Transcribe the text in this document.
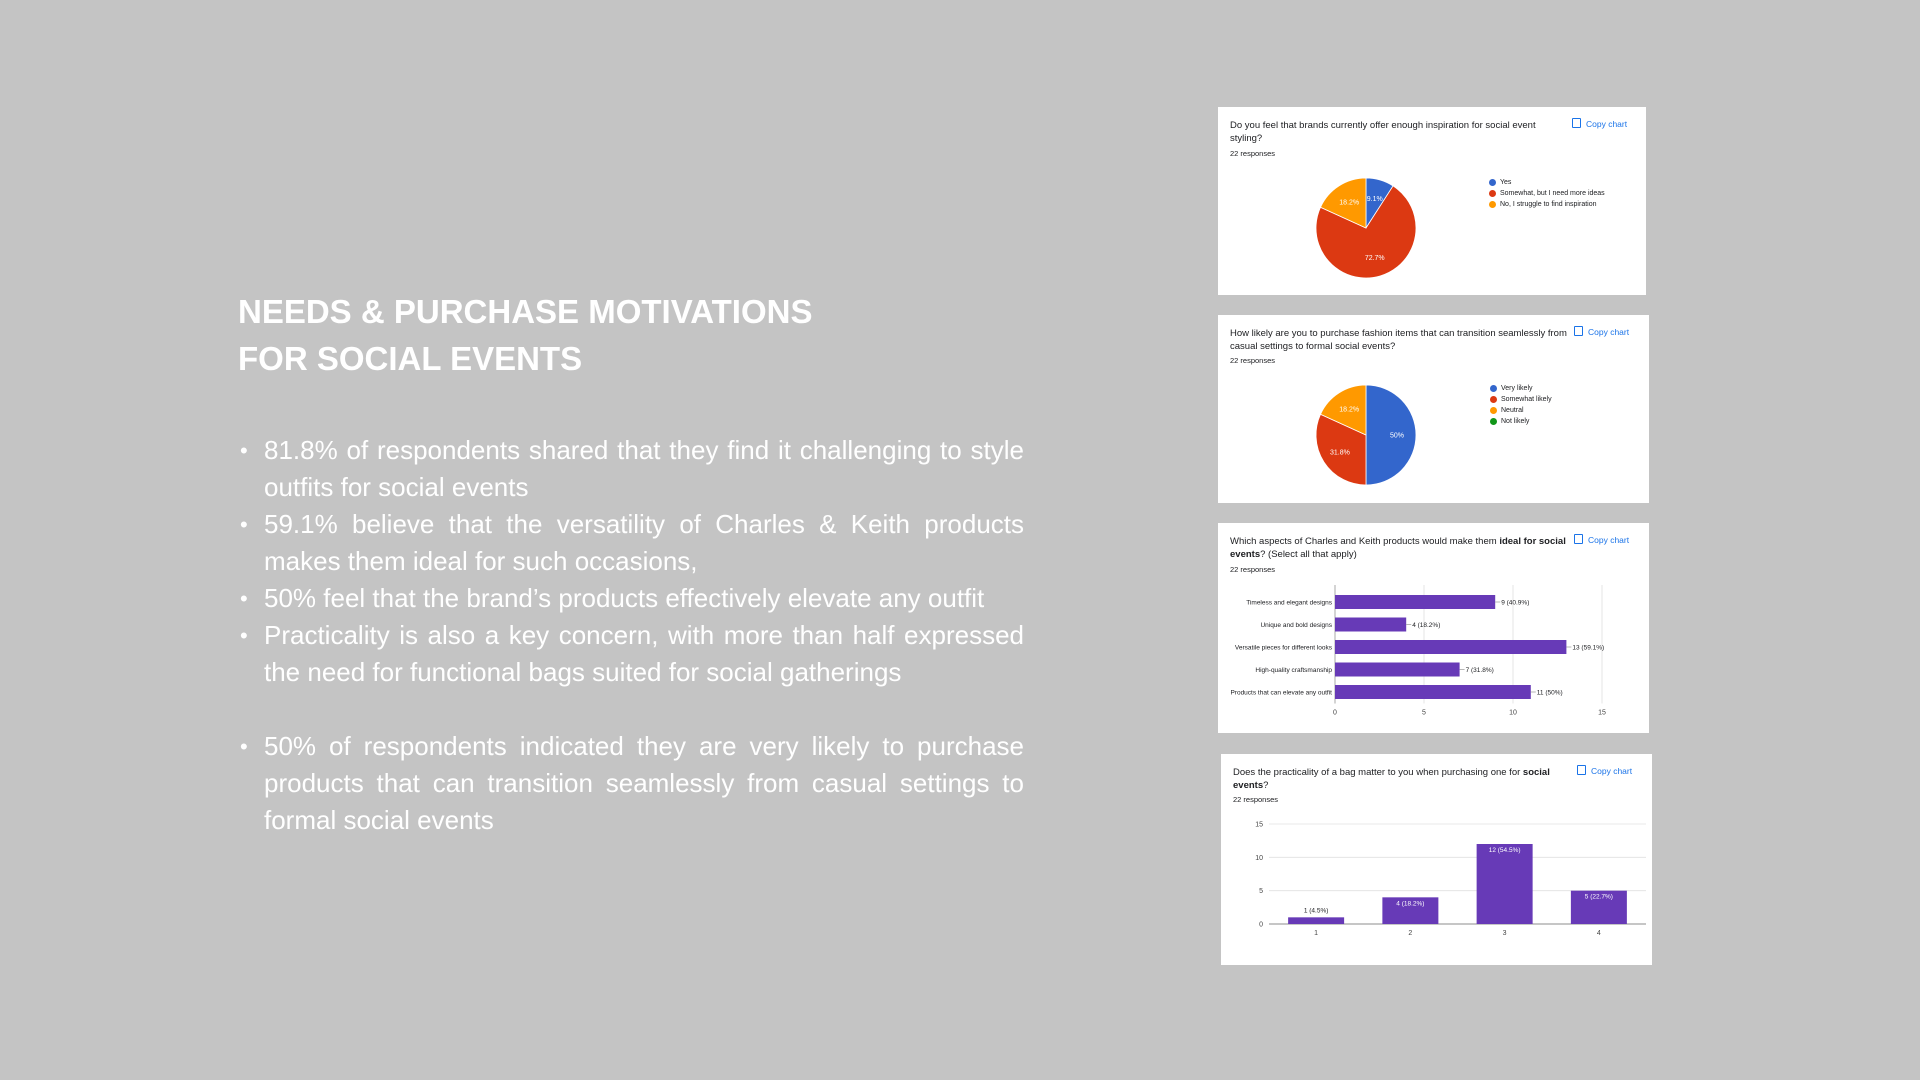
NEEDS & PURCHASE MOTIVATIONS
FOR SOCIAL EVENTS
• 81.8% of respondents shared that they find it challenging to style outfits for social events
• 59.1% believe that the versatility of Charles & Keith products makes them ideal for such occasions,
• 50% feel that the brand’s products effectively elevate any outfit
• Practicality is also a key concern, with more than half expressed the need for functional bags suited for social gatherings
• 50% of respondents indicated they are very likely to purchase products that can transition seamlessly from casual settings to formal social events
Do you feel that brands currently offer enough inspiration for social event styling?
22 responses
Copy chart
9.1%
72.7%
18.2%
Yes
Somewhat, but I need more ideas
No, I struggle to find inspiration
How likely are you to purchase fashion items that can transition seamlessly from casual settings to formal social events?
22 responses
Copy chart
50%
31.8%
18.2%
Very likely
Somewhat likely
Neutral
Not likely
Which aspects of Charles and Keith products would make them ideal for social events? (Select all that apply)
22 responses
Copy chart
0	5	10	15
9 (40.9%)
Timeless and elegant designs
4 (18.2%)
Unique and bold designs
13 (59.1%)
Versatile pieces for different looks
7 (31.8%)
High-quality craftsmanship
11 (50%)
Products that can elevate any outfit
Does the practicality of a bag matter to you when purchasing one for social events?
22 responses
Copy chart
0
5
10
15
1 (4.5%)
1
4 (18.2%)
2
12 (54.5%)
3
5 (22.7%)
4
